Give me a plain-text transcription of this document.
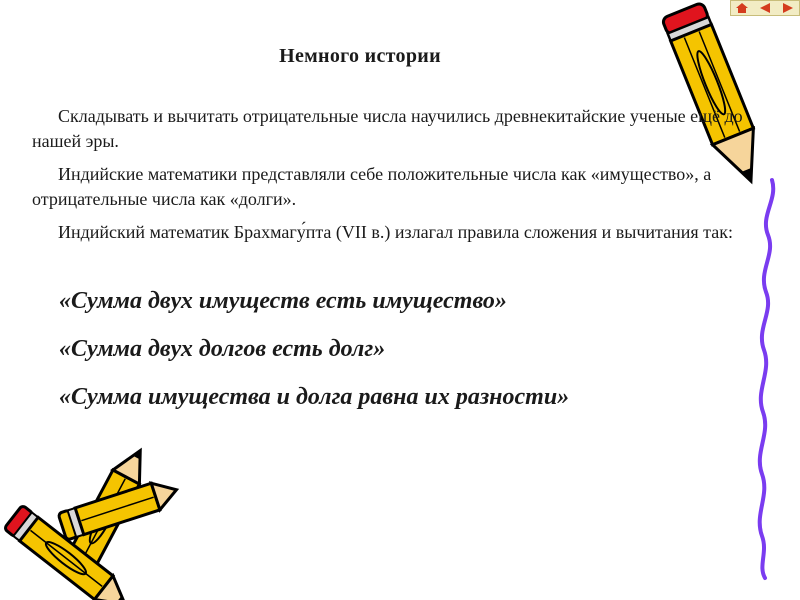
Немного истории

Складывать и вычитать отрицательные числа научились древнекитайские ученые ещё до нашей эры.

Индийские математики представляли себе положительные числа как «имущество», а отрицательные числа как «долги».

Индийский математик Брахмагу́пта (VII в.) излагал правила сложения и вычитания так:

«Сумма двух имуществ есть имущество»
«Сумма двух долгов есть долг»
«Сумма имущества и долга равна их разности»
